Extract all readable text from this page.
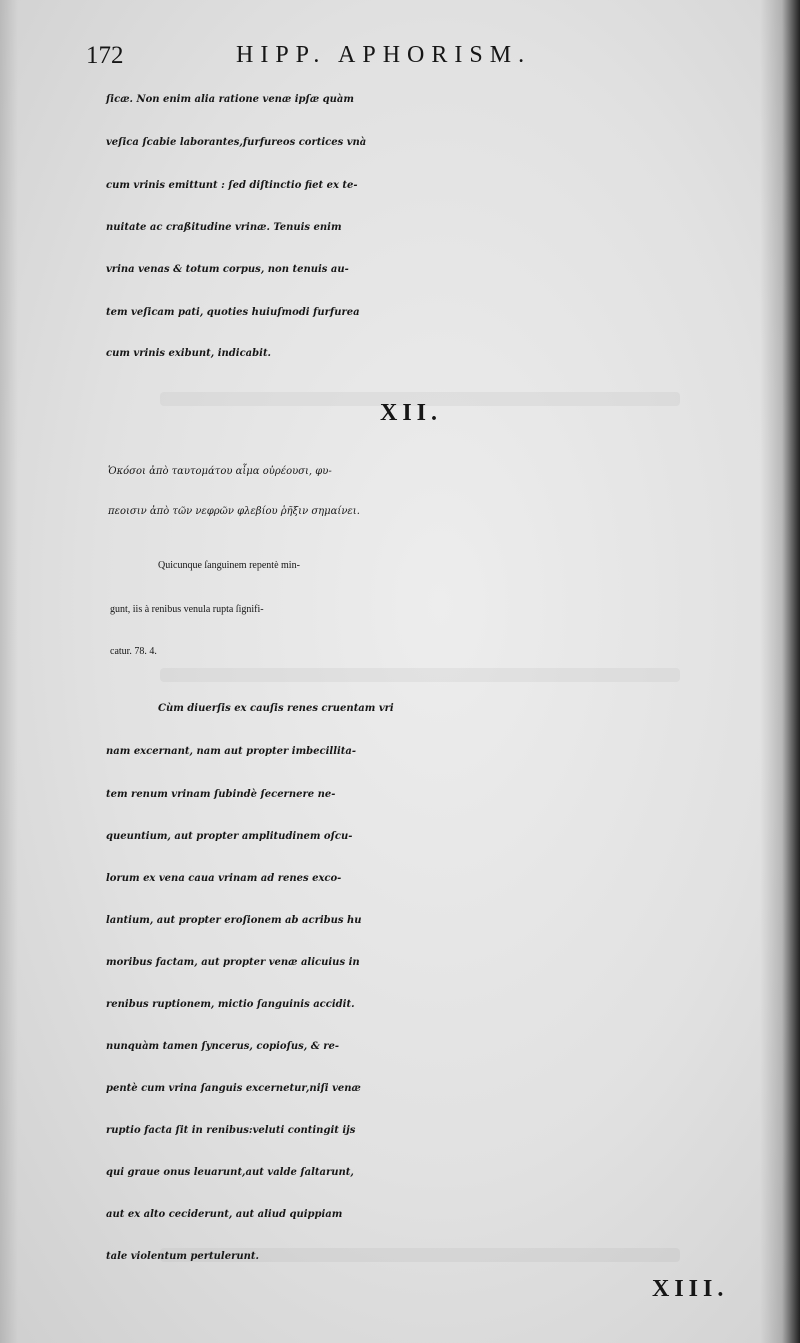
172	HIPP. APHORISM.
ſicæ. Non enim alia ratione venæ ipſæ quàm
veſica ſcabie laborantes,furfureos cortices vnà
cum vrinis emittunt : ſed diſtinctio fiet ex te-
nuitate ac craßitudine vrinæ. Tenuis enim
vrina venas & totum corpus, non tenuis au-
tem veſicam pati, quoties huiuſmodi furfurea
cum vrinis exibunt, indicabit.
XII.
Ὁκόσοι ἀπὸ ταυτομάτου αἷμα οὐρέουσι, φυ-
πεοισιν ἀπὸ τῶν νεφρῶν φλεβίου ῥῆξιν σημαίνει.
Quicunque ſanguinem repentè min-
gunt, iis à renibus venula rupta ſignifi-
catur. 78. 4.
Cùm diuerſis ex cauſis renes cruentam vri
nam excernant, nam aut propter imbecillita-
tem renum vrinam ſubindè ſecernere ne-
queuntium, aut propter amplitudinem oſcu-
lorum ex vena caua vrinam ad renes exco-
lantium, aut propter eroſionem ab acribus hu
moribus factam, aut propter venæ alicuius in
renibus ruptionem, mictio ſanguinis accidit.
nunquàm tamen ſyncerus, copioſus, & re-
pentè cum vrina ſanguis excernetur,niſi venæ
ruptio facta ſit in renibus:veluti contingit ijs
qui graue onus leuarunt,aut valde ſaltarunt,
aut ex alto ceciderunt, aut aliud quippiam
tale violentum pertulerunt.
XIII.
